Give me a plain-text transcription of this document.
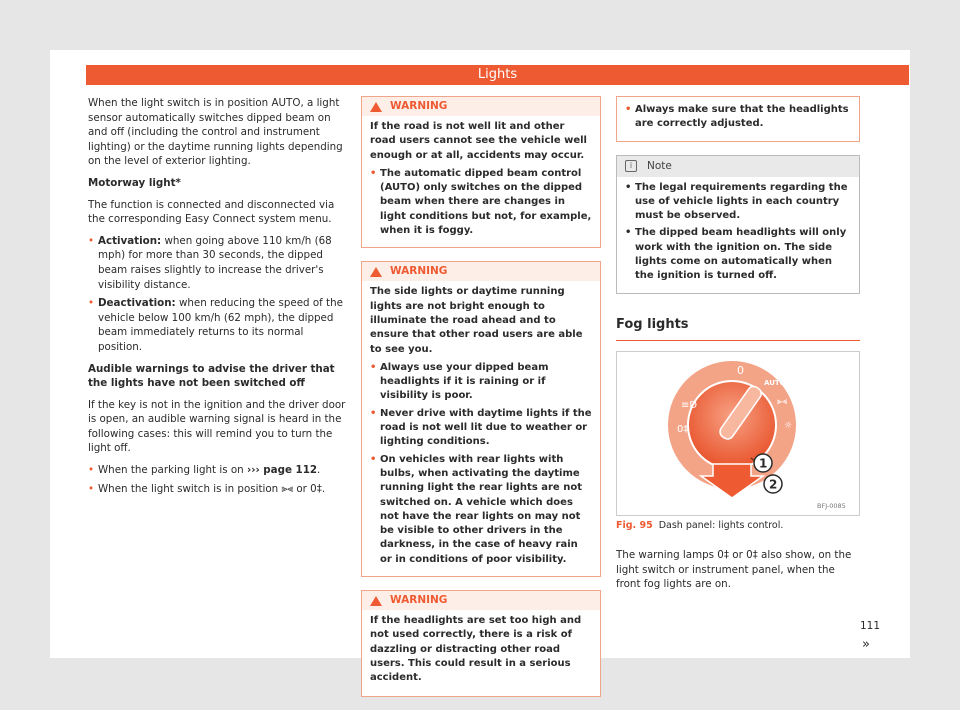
Lights

When the light switch is in position AUTO, a light sensor automatically switches dipped beam on and off (including the control and instrument lighting) or the daytime running lights depending on the level of exterior lighting.

Motorway light*

The function is connected and disconnected via the corresponding Easy Connect system menu.

• Activation: when going above 110 km/h (68 mph) for more than 30 seconds, the dipped beam raises slightly to increase the driver's visibility distance.
• Deactivation: when reducing the speed of the vehicle below 100 km/h (62 mph), the dipped beam immediately returns to its normal position.

Audible warnings to advise the driver that the lights have not been switched off

If the key is not in the ignition and the driver door is open, an audible warning signal is heard in the following cases: this will remind you to turn the light off.

• When the parking light is on ››› page 112.
• When the light switch is in position ⫸⫷ or 0‡.
WARNING

If the road is not well lit and other road users cannot see the vehicle well enough or at all, accidents may occur.

• The automatic dipped beam control (AUTO) only switches on the dipped beam when there are changes in light conditions but not, for example, when it is foggy.
WARNING

The side lights or daytime running lights are not bright enough to illuminate the road ahead and to ensure that other road users are able to see you.

• Always use your dipped beam headlights if it is raining or if visibility is poor.
• Never drive with daytime lights if the road is not well lit due to weather or lighting conditions.
• On vehicles with rear lights with bulbs, when activating the daytime running light the rear lights are not switched on. A vehicle which does not have the rear lights on may not be visible to other drivers in the darkness, in the case of heavy rain or in conditions of poor visibility.
WARNING

If the headlights are set too high and not used correctly, there is a risk of dazzling or distracting other road users. This could result in a serious accident.

• Always make sure that the headlights are correctly adjusted.
i	Note
• The legal requirements regarding the use of vehicle lights in each country must be observed.
• The dipped beam headlights will only work with the ignition on. The side lights come on automatically when the ignition is turned off.
Fog lights
0
AUTO
⫸⫷
☼
≡D
0‡
1
2
BFJ-0085
Fig. 95 Dash panel: lights control.

The warning lamps 0‡ or 0‡ also show, on the light switch or instrument panel, when the front fog lights are on.

»
111
